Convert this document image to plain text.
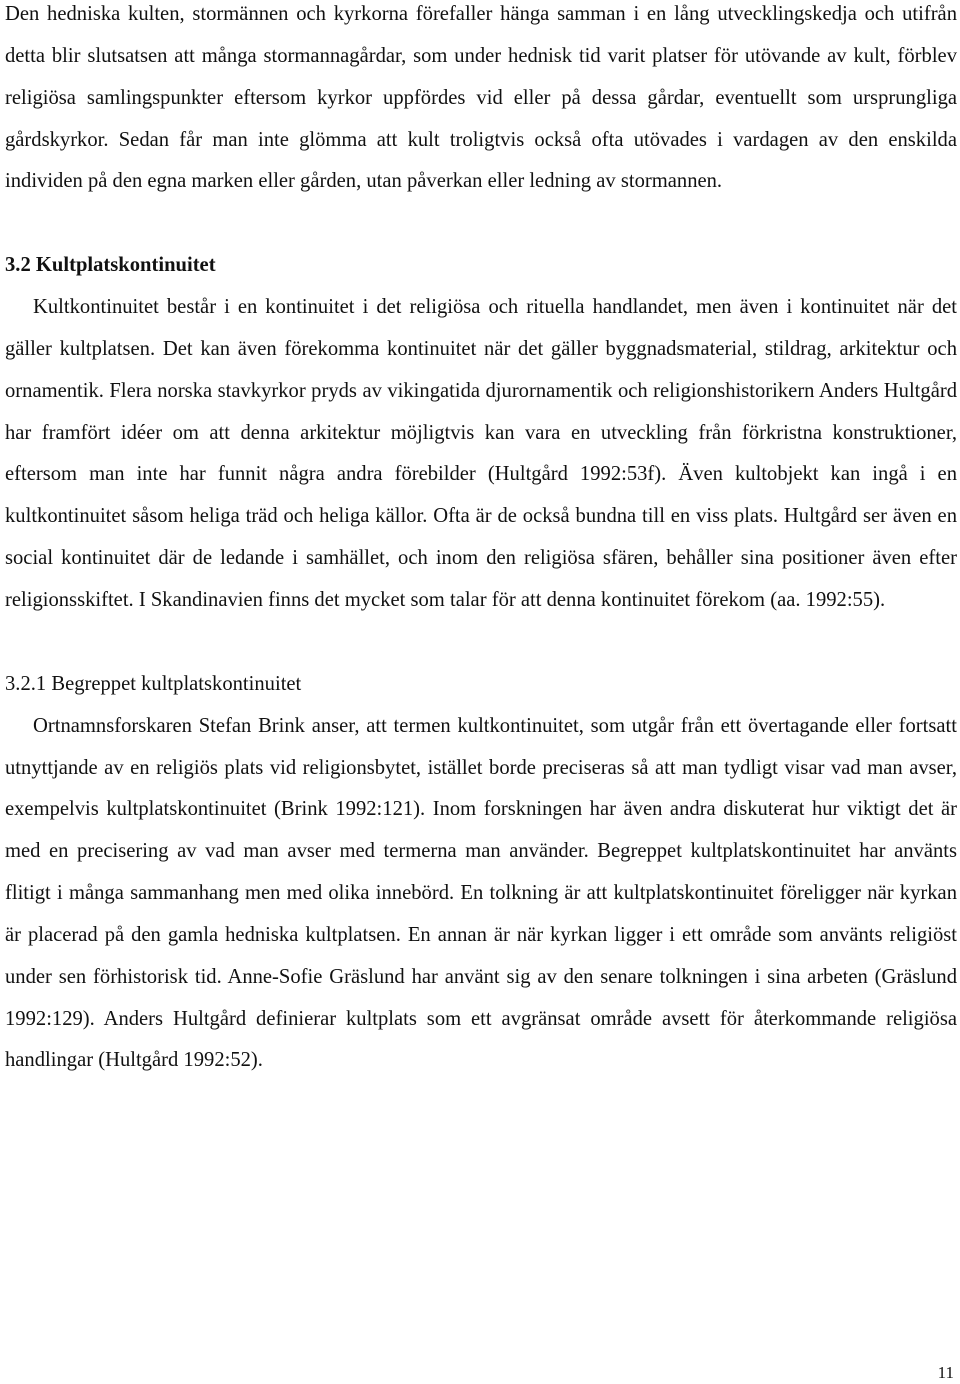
Den hedniska kulten, stormännen och kyrkorna förefaller hänga samman i en lång utvecklingskedja och utifrån detta blir slutsatsen att många stormannagårdar, som under hednisk tid varit platser för utövande av kult, förblev religiösa samlingspunkter eftersom kyrkor uppfördes vid eller på dessa gårdar, eventuellt som ursprungliga gårdskyrkor. Sedan får man inte glömma att kult troligtvis också ofta utövades i vardagen av den enskilda individen på den egna marken eller gården, utan påverkan eller ledning av stormannen.

3.2 Kultplatskontinuitet

Kultkontinuitet består i en kontinuitet i det religiösa och rituella handlandet, men även i kontinuitet när det gäller kultplatsen. Det kan även förekomma kontinuitet när det gäller byggnadsmaterial, stildrag, arkitektur och ornamentik. Flera norska stavkyrkor pryds av vikingatida djurornamentik och religionshistorikern Anders Hultgård har framfört idéer om att denna arkitektur möjligtvis kan vara en utveckling från förkristna konstruktioner, eftersom man inte har funnit några andra förebilder (Hultgård 1992:53f). Även kultobjekt kan ingå i en kultkontinuitet såsom heliga träd och heliga källor. Ofta är de också bundna till en viss plats. Hultgård ser även en social kontinuitet där de ledande i samhället, och inom den religiösa sfären, behåller sina positioner även efter religionsskiftet. I Skandinavien finns det mycket som talar för att denna kontinuitet förekom (aa. 1992:55).

3.2.1 Begreppet kultplatskontinuitet

Ortnamnsforskaren Stefan Brink anser, att termen kultkontinuitet, som utgår från ett övertagande eller fortsatt utnyttjande av en religiös plats vid religionsbytet, istället borde preciseras så att man tydligt visar vad man avser, exempelvis kultplatskontinuitet (Brink 1992:121). Inom forskningen har även andra diskuterat hur viktigt det är med en precisering av vad man avser med termerna man använder. Begreppet kultplatskontinuitet har använts flitigt i många sammanhang men med olika innebörd. En tolkning är att kultplatskontinuitet föreligger när kyrkan är placerad på den gamla hedniska kultplatsen. En annan är när kyrkan ligger i ett område som använts religiöst under sen förhistorisk tid. Anne-Sofie Gräslund har använt sig av den senare tolkningen i sina arbeten (Gräslund 1992:129). Anders Hultgård definierar kultplats som ett avgränsat område avsett för återkommande religiösa handlingar (Hultgård 1992:52).

11
